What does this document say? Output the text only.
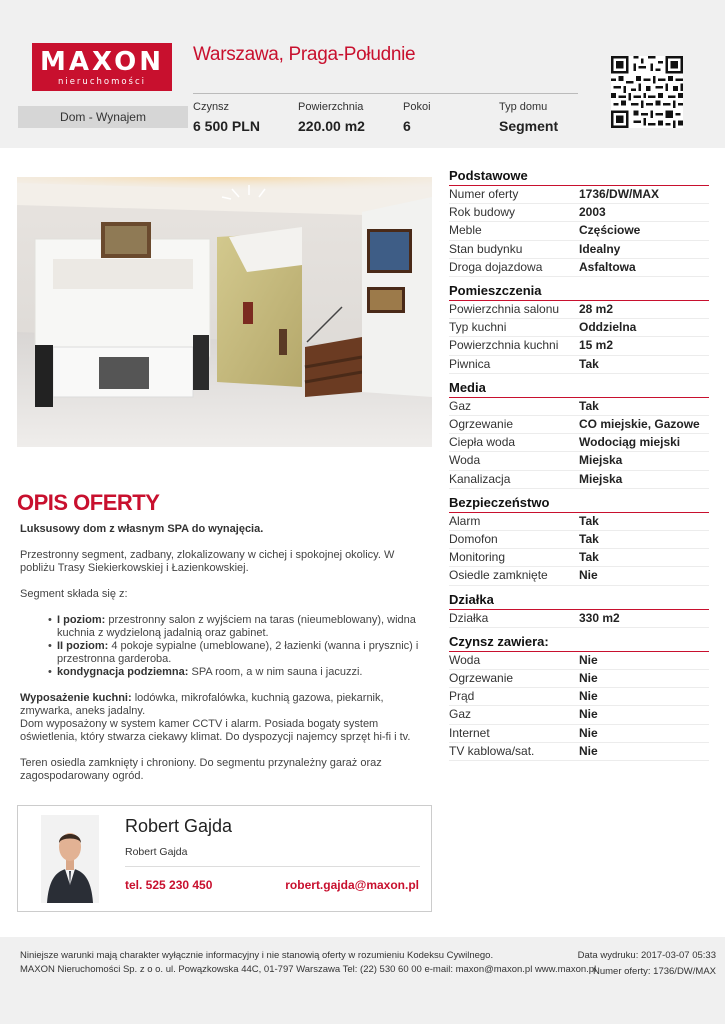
MAXON
nieruchomości
Dom - Wynajem
Warszawa, Praga-Południe
Czynsz
6 500 PLN
Powierzchnia
220.00 m2
Pokoi
6
Typ domu
Segment
Podstawowe
Numer oferty	1736/DW/MAX
Rok budowy	2003
Meble	Częściowe
Stan budynku	Idealny
Droga dojazdowa	Asfaltowa
Pomieszczenia
Powierzchnia salonu	28 m2
Typ kuchni	Oddzielna
Powierzchnia kuchni	15 m2
Piwnica	Tak
Media
Gaz	Tak
Ogrzewanie	CO miejskie, Gazowe
Ciepła woda	Wodociąg miejski
Woda	Miejska
Kanalizacja	Miejska
Bezpieczeństwo
Alarm	Tak
Domofon	Tak
Monitoring	Tak
Osiedle zamknięte	Nie
Działka
Działka	330 m2
Czynsz zawiera:
Woda	Nie
Ogrzewanie	Nie
Prąd	Nie
Gaz	Nie
Internet	Nie
TV kablowa/sat.	Nie
OPIS OFERTY

Luksusowy dom z własnym SPA do wynajęcia.

Przestronny segment, zadbany, zlokalizowany w cichej i spokojnej okolicy. W pobliżu Trasy Siekierkowskiej i Łazienkowskiej.

Segment składa się z:

• I poziom: przestronny salon z wyjściem na taras (nieumeblowany), widna kuchnia z wydzieloną jadalnią oraz gabinet.
• II poziom: 4 pokoje sypialne (umeblowane), 2 łazienki (wanna i prysznic) i przestronna garderoba.
• kondygnacja podziemna: SPA room, a w nim sauna i jacuzzi.
Wyposażenie kuchni: lodówka, mikrofalówka, kuchnią gazowa, piekarnik, zmywarka, aneks jadalny.

Dom wyposażony w system kamer CCTV i alarm. Posiada bogaty system oświetlenia, który stwarza ciekawy klimat. Do dyspozycji najemcy sprzęt hi-fi i tv.

Teren osiedla zamknięty i chroniony. Do segmentu przynależny garaż oraz zagospodarowany ogród.

Robert Gajda
Robert Gajda
tel. 525 230 450	robert.gajda@maxon.pl
Niniejsze warunki mają charakter wyłącznie informacyjny i nie stanowią oferty w rozumieniu Kodeksu Cywilnego.
MAXON Nieruchomości Sp. z o o. ul. Powązkowska 44C, 01-797 Warszawa Tel: (22) 530 60 00 e-mail: maxon@maxon.pl www.maxon.pl
Data wydruku: 2017-03-07 05:33
Numer oferty: 1736/DW/MAX
